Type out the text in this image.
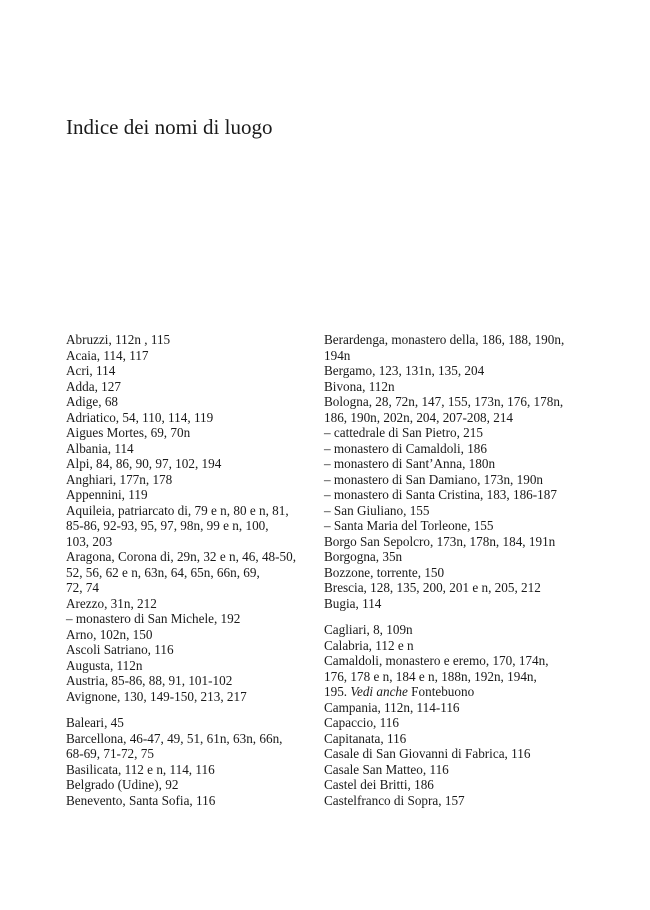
Indice dei nomi di luogo
Abruzzi, 112n , 115
Acaia, 114, 117
Acri, 114
Adda, 127
Adige, 68
Adriatico, 54, 110, 114, 119
Aigues Mortes, 69, 70n
Albania, 114
Alpi, 84, 86, 90, 97, 102, 194
Anghiari, 177n, 178
Appennini, 119
Aquileia, patriarcato di, 79 e n, 80 e n, 81,
85-86, 92-93, 95, 97, 98n, 99 e n, 100,
103, 203
Aragona, Corona di, 29n, 32 e n, 46, 48-50,
52, 56, 62 e n, 63n, 64, 65n, 66n, 69,
72, 74
Arezzo, 31n, 212
– monastero di San Michele, 192
Arno, 102n, 150
Ascoli Satriano, 116
Augusta, 112n
Austria, 85-86, 88, 91, 101-102
Avignone, 130, 149-150, 213, 217
Baleari, 45
Barcellona, 46-47, 49, 51, 61n, 63n, 66n,
68-69, 71-72, 75
Basilicata, 112 e n, 114, 116
Belgrado (Udine), 92
Benevento, Santa Sofia, 116
Berardenga, monastero della, 186, 188, 190n,
194n
Bergamo, 123, 131n, 135, 204
Bivona, 112n
Bologna, 28, 72n, 147, 155, 173n, 176, 178n,
186, 190n, 202n, 204, 207-208, 214
– cattedrale di San Pietro, 215
– monastero di Camaldoli, 186
– monastero di Sant’Anna, 180n
– monastero di San Damiano, 173n, 190n
– monastero di Santa Cristina, 183, 186-187
– San Giuliano, 155
– Santa Maria del Torleone, 155
Borgo San Sepolcro, 173n, 178n, 184, 191n
Borgogna, 35n
Bozzone, torrente, 150
Brescia, 128, 135, 200, 201 e n, 205, 212
Bugia, 114
Cagliari, 8, 109n
Calabria, 112 e n
Camaldoli, monastero e eremo, 170, 174n,
176, 178 e n, 184 e n, 188n, 192n, 194n,
195. Vedi anche Fontebuono
Campania, 112n, 114-116
Capaccio, 116
Capitanata, 116
Casale di San Giovanni di Fabrica, 116
Casale San Matteo, 116
Castel dei Britti, 186
Castelfranco di Sopra, 157
